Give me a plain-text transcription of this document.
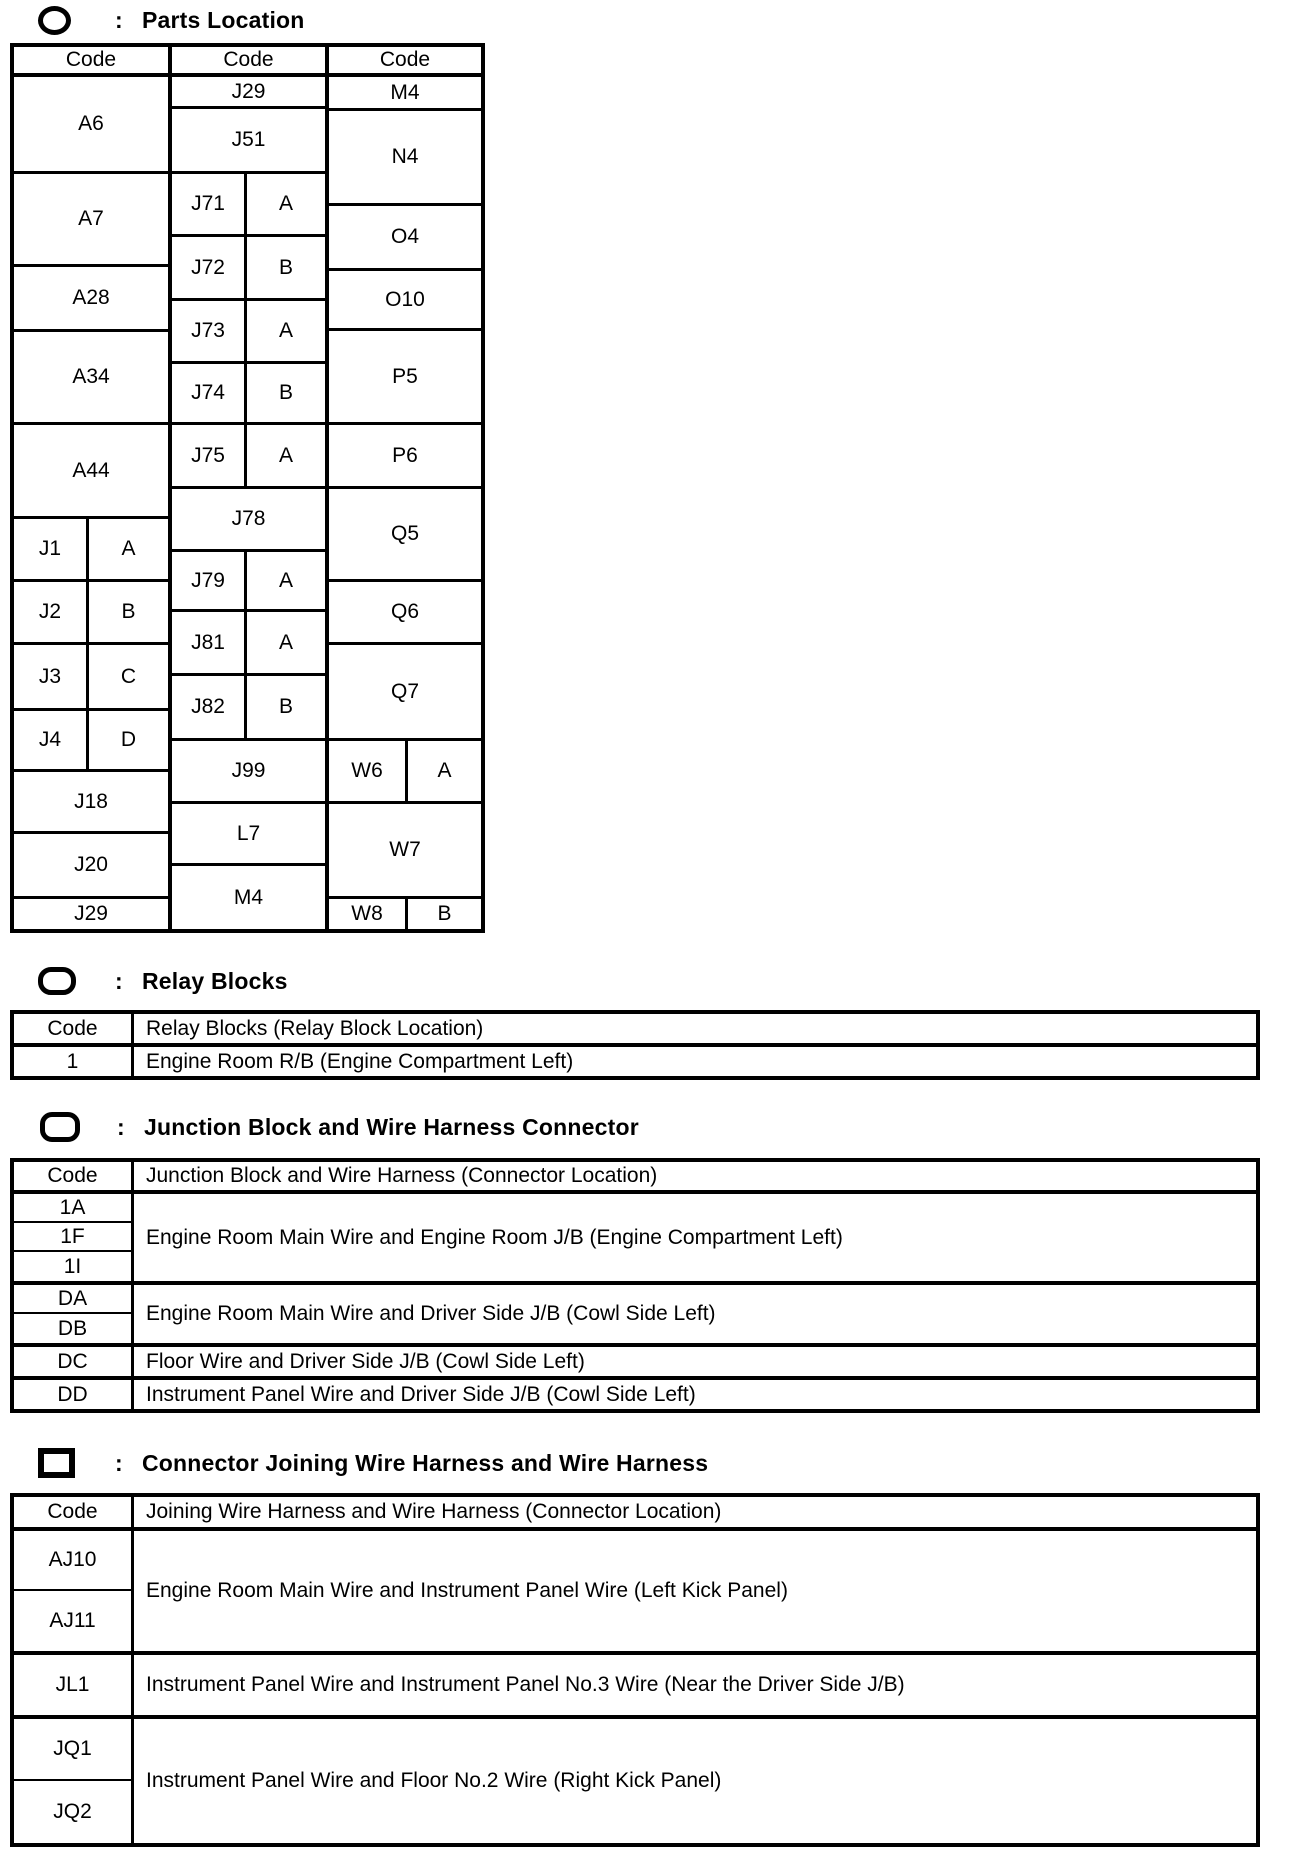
: Parts Location
Code
A6
A7
A28
A34
A44
J1	A
J2	B
J3	C
J4	D
J18
J20
J29
Code
J29
J51
J71	A
J72	B
J73	A
J74	B
J75	A
J78
J79	A
J81	A
J82	B
J99
L7
M4
Code
M4
N4
O4
O10
P5
P6
Q5
Q6
Q7
W6	A
W7
W8	B
: Relay Blocks
Code	Relay Blocks (Relay Block Location)
1	Engine Room R/B (Engine Compartment Left)
: Junction Block and Wire Harness Connector
Code	Junction Block and Wire Harness (Connector Location)
1A
1F
1I
Engine Room Main Wire and Engine Room J/B (Engine Compartment Left)
DA
DB
Engine Room Main Wire and Driver Side J/B (Cowl Side Left)
DC	Floor Wire and Driver Side J/B (Cowl Side Left)
DD	Instrument Panel Wire and Driver Side J/B (Cowl Side Left)
: Connector Joining Wire Harness and Wire Harness
Code	Joining Wire Harness and Wire Harness (Connector Location)
AJ10
AJ11
Engine Room Main Wire and Instrument Panel Wire (Left Kick Panel)
JL1	Instrument Panel Wire and Instrument Panel No.3 Wire (Near the Driver Side J/B)
JQ1
JQ2
Instrument Panel Wire and Floor No.2 Wire (Right Kick Panel)
